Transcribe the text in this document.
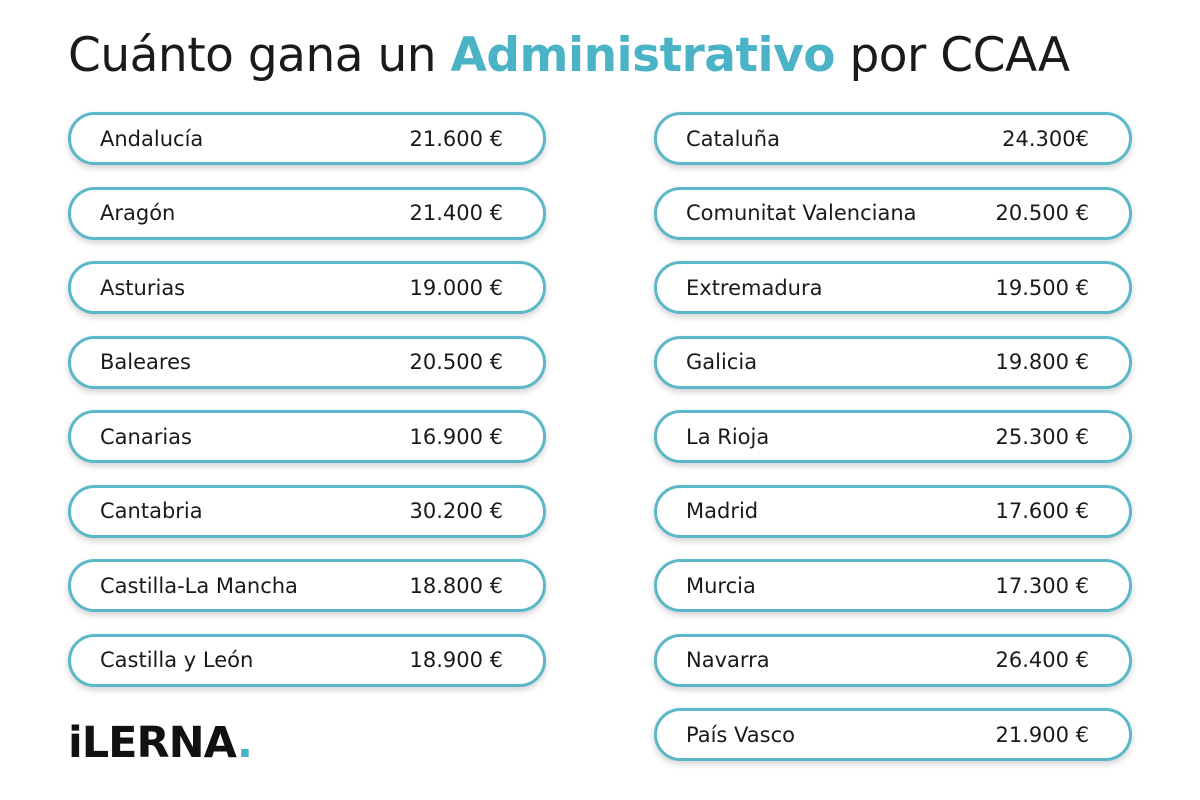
Cuánto gana un Administrativo por CCAA
Andalucía	21.600 €
Aragón	21.400 €
Asturias	19.000 €
Baleares	20.500 €
Canarias	16.900 €
Cantabria	30.200 €
Castilla-La Mancha	18.800 €
Castilla y León	18.900 €
Cataluña	24.300€
Comunitat Valenciana	20.500 €
Extremadura	19.500 €
Galicia	19.800 €
La Rioja	25.300 €
Madrid	17.600 €
Murcia	17.300 €
Navarra	26.400 €
País Vasco	21.900 €
iLERNA.
